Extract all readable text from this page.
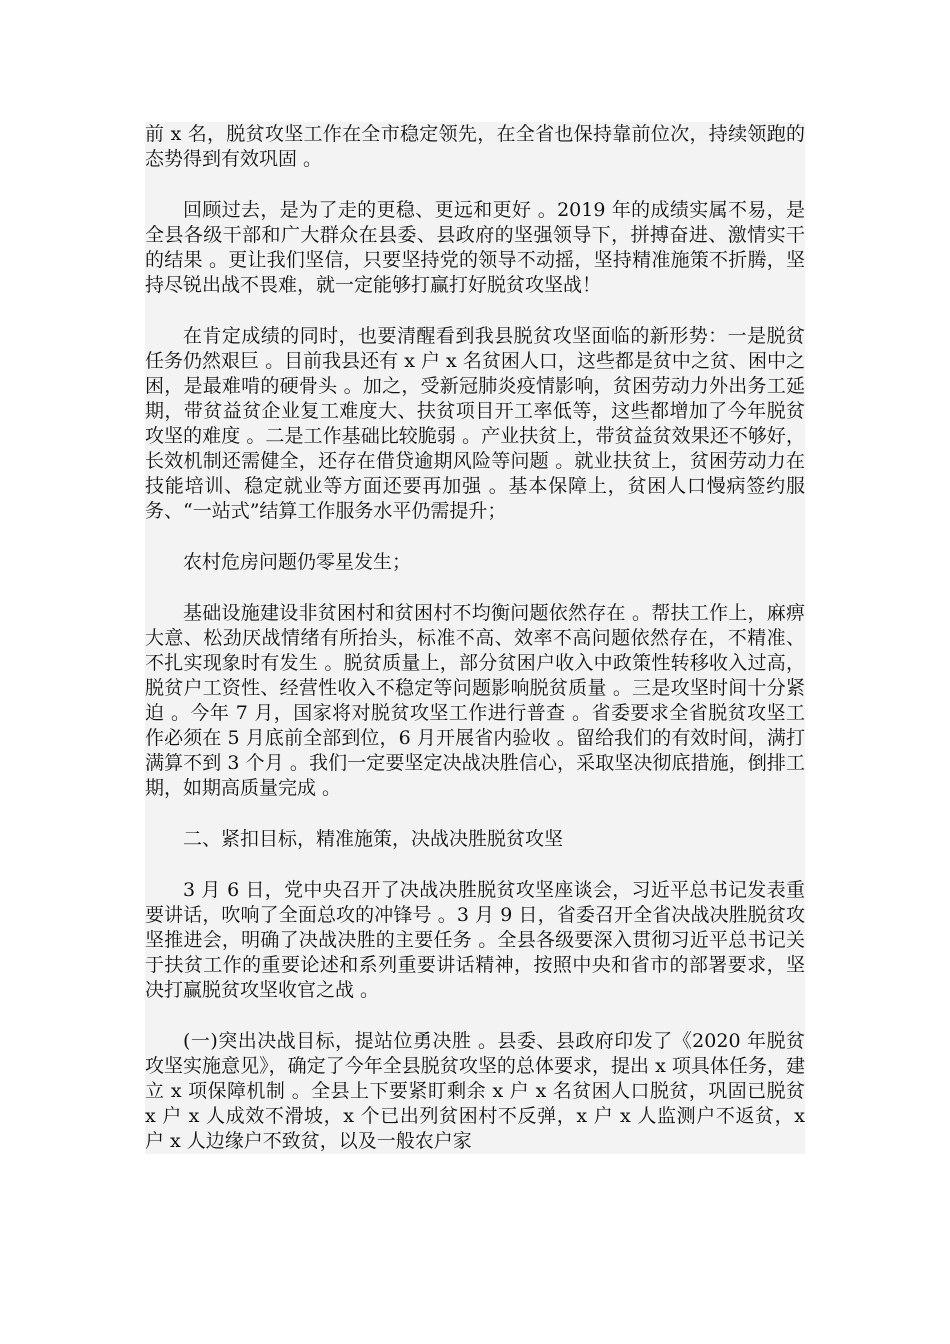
前 x 名，脱贫攻坚工作在全市稳定领先，在全省也保持靠前位次，持续领跑的态势得到有效巩固 。

回顾过去，是为了走的更稳、更远和更好 。2019 年的成绩实属不易，是全县各级干部和广大群众在县委、县政府的坚强领导下，拼搏奋进、激情实干的结果 。更让我们坚信，只要坚持党的领导不动摇，坚持精准施策不折腾，坚持尽锐出战不畏难，就一定能够打赢打好脱贫攻坚战！

在肯定成绩的同时，也要清醒看到我县脱贫攻坚面临的新形势：一是脱贫任务仍然艰巨 。目前我县还有 x 户 x 名贫困人口，这些都是贫中之贫、困中之困，是最难啃的硬骨头 。加之，受新冠肺炎疫情影响，贫困劳动力外出务工延期，带贫益贫企业复工难度大、扶贫项目开工率低等，这些都增加了今年脱贫攻坚的难度 。二是工作基础比较脆弱 。产业扶贫上，带贫益贫效果还不够好，长效机制还需健全，还存在借贷逾期风险等问题 。就业扶贫上，贫困劳动力在技能培训、稳定就业等方面还要再加强 。基本保障上，贫困人口慢病签约服务、“一站式”结算工作服务水平仍需提升；

农村危房问题仍零星发生；

基础设施建设非贫困村和贫困村不均衡问题依然存在 。帮扶工作上，麻痹大意、松劲厌战情绪有所抬头，标准不高、效率不高问题依然存在，不精准、不扎实现象时有发生 。脱贫质量上，部分贫困户收入中政策性转移收入过高，脱贫户工资性、经营性收入不稳定等问题影响脱贫质量 。三是攻坚时间十分紧迫 。今年 7 月，国家将对脱贫攻坚工作进行普查 。省委要求全省脱贫攻坚工作必须在 5 月底前全部到位，6 月开展省内验收 。留给我们的有效时间，满打满算不到 3 个月 。我们一定要坚定决战决胜信心，采取坚决彻底措施，倒排工期，如期高质量完成 。

二、紧扣目标，精准施策，决战决胜脱贫攻坚

3 月 6 日，党中央召开了决战决胜脱贫攻坚座谈会，习近平总书记发表重要讲话，吹响了全面总攻的冲锋号 。3 月 9 日，省委召开全省决战决胜脱贫攻坚推进会，明确了决战决胜的主要任务 。全县各级要深入贯彻习近平总书记关于扶贫工作的重要论述和系列重要讲话精神，按照中央和省市的部署要求，坚决打赢脱贫攻坚收官之战 。

(一)突出决战目标，提站位勇决胜 。县委、县政府印发了《2020 年脱贫攻坚实施意见》，确定了今年全县脱贫攻坚的总体要求，提出 x 项具体任务，建立 x 项保障机制 。全县上下要紧盯剩余 x 户 x 名贫困人口脱贫，巩固已脱贫 x 户 x 人成效不滑坡，x 个已出列贫困村不反弹，x 户 x 人监测户不返贫，x 户 x 人边缘户不致贫，以及一般农户家
